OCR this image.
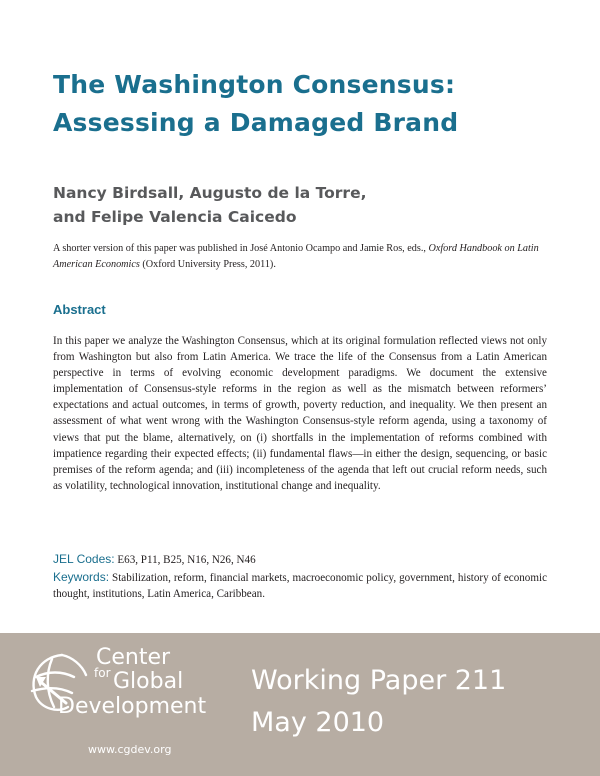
The Washington Consensus:
Assessing a Damaged Brand
Nancy Birdsall, Augusto de la Torre,
and Felipe Valencia Caicedo

A shorter version of this paper was published in José Antonio Ocampo and Jamie Ros, eds., Oxford Handbook on Latin American Economics (Oxford University Press, 2011).

Abstract

In this paper we analyze the Washington Consensus, which at its original formulation reflected views not only from Washington but also from Latin America. We trace the life of the Consensus from a Latin American perspective in terms of evolving economic development paradigms. We document the extensive implementation of Consensus-style reforms in the region as well as the mismatch between reformers’ expectations and actual outcomes, in terms of growth, poverty reduction, and inequality. We then present an assessment of what went wrong with the Washington Consensus-style reform agenda, using a taxonomy of views that put the blame, alternatively, on (i) shortfalls in the implementation of reforms combined with impatience regarding their expected effects; (ii) fundamental flaws—in either the design, sequencing, or basic premises of the reform agenda; and (iii) incompleteness of the agenda that left out crucial reform needs, such as volatility, technological innovation, institutional change and inequality.

JEL Codes: E63, P11, B25, N16, N26, N46
Keywords: Stabilization, reform, financial markets, macroeconomic policy, government, history of economic thought, institutions, Latin America, Caribbean.
Center
for Global
Development
www.cgdev.org
Working Paper 211
May 2010
